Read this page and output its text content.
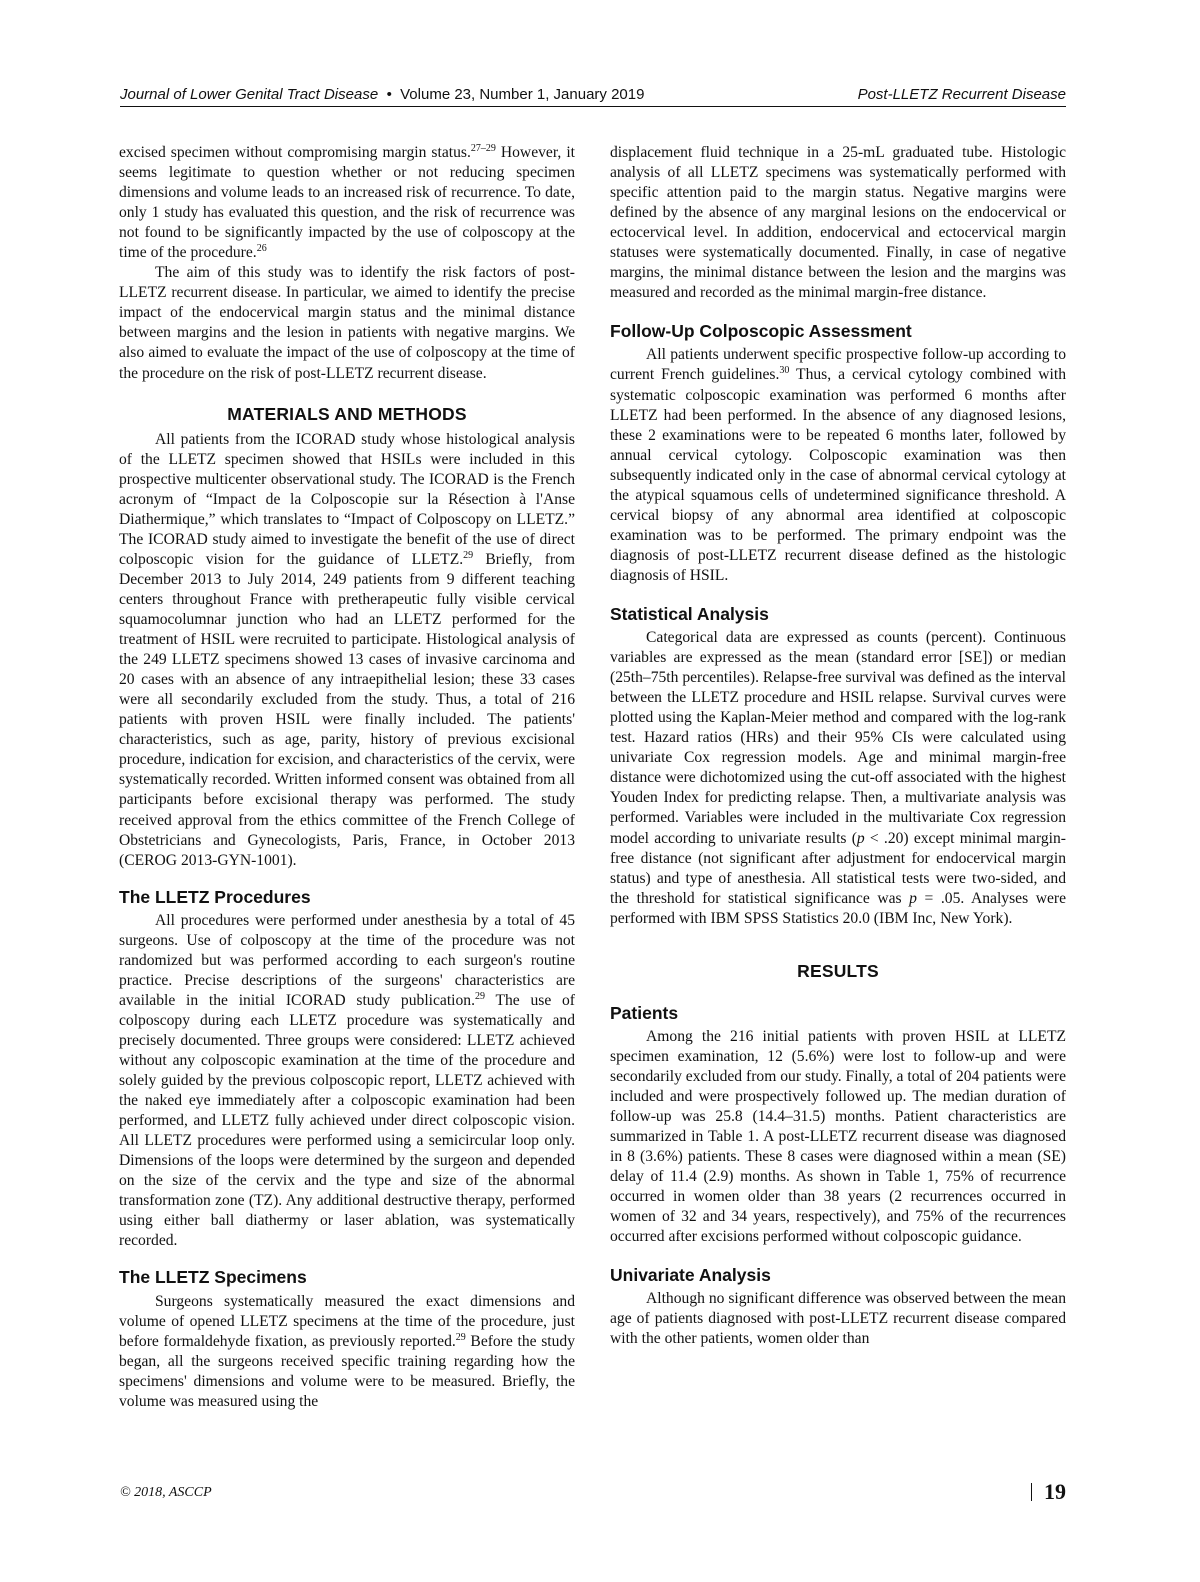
Journal of Lower Genital Tract Disease • Volume 23, Number 1, January 2019	Post-LLETZ Recurrent Disease

excised specimen without compromising margin status.$^{27-29}$ However, it seems legitimate to question whether or not reducing specimen dimensions and volume leads to an increased risk of recurrence. To date, only 1 study has evaluated this question, and the risk of recurrence was not found to be significantly impacted by the use of colposcopy at the time of the procedure.$^{26}$

The aim of this study was to identify the risk factors of post-LLETZ recurrent disease. In particular, we aimed to identify the precise impact of the endocervical margin status and the minimal distance between margins and the lesion in patients with negative margins. We also aimed to evaluate the impact of the use of colposcopy at the time of the procedure on the risk of post-LLETZ recurrent disease.

MATERIALS AND METHODS

All patients from the ICORAD study whose histological analysis of the LLETZ specimen showed that HSILs were included in this prospective multicenter observational study. The ICORAD is the French acronym of “Impact de la Colposcopie sur la Résection à l'Anse Diathermique,” which translates to “Impact of Colposcopy on LLETZ.” The ICORAD study aimed to investigate the benefit of the use of direct colposcopic vision for the guidance of LLETZ.$^{29}$ Briefly, from December 2013 to July 2014, 249 patients from 9 different teaching centers throughout France with pretherapeutic fully visible cervical squamocolumnar junction who had an LLETZ performed for the treatment of HSIL were recruited to participate. Histological analysis of the 249 LLETZ specimens showed 13 cases of invasive carcinoma and 20 cases with an absence of any intraepithelial lesion; these 33 cases were all secondarily excluded from the study. Thus, a total of 216 patients with proven HSIL were finally included. The patients' characteristics, such as age, parity, history of previous excisional procedure, indication for excision, and characteristics of the cervix, were systematically recorded. Written informed consent was obtained from all participants before excisional therapy was performed. The study received approval from the ethics committee of the French College of Obstetricians and Gynecologists, Paris, France, in October 2013 (CEROG 2013-GYN-1001).

The LLETZ Procedures

All procedures were performed under anesthesia by a total of 45 surgeons. Use of colposcopy at the time of the procedure was not randomized but was performed according to each surgeon's routine practice. Precise descriptions of the surgeons' characteristics are available in the initial ICORAD study publication.$^{29}$ The use of colposcopy during each LLETZ procedure was systematically and precisely documented. Three groups were considered: LLETZ achieved without any colposcopic examination at the time of the procedure and solely guided by the previous colposcopic report, LLETZ achieved with the naked eye immediately after a colposcopic examination had been performed, and LLETZ fully achieved under direct colposcopic vision. All LLETZ procedures were performed using a semicircular loop only. Dimensions of the loops were determined by the surgeon and depended on the size of the cervix and the type and size of the abnormal transformation zone (TZ). Any additional destructive therapy, performed using either ball diathermy or laser ablation, was systematically recorded.

The LLETZ Specimens

Surgeons systematically measured the exact dimensions and volume of opened LLETZ specimens at the time of the procedure, just before formaldehyde fixation, as previously reported.$^{29}$ Before the study began, all the surgeons received specific training regarding how the specimens' dimensions and volume were to be measured. Briefly, the volume was measured using the

displacement fluid technique in a 25-mL graduated tube. Histologic analysis of all LLETZ specimens was systematically performed with specific attention paid to the margin status. Negative margins were defined by the absence of any marginal lesions on the endocervical or ectocervical level. In addition, endocervical and ectocervical margin statuses were systematically documented. Finally, in case of negative margins, the minimal distance between the lesion and the margins was measured and recorded as the minimal margin-free distance.

Follow-Up Colposcopic Assessment

All patients underwent specific prospective follow-up according to current French guidelines.$^{30}$ Thus, a cervical cytology combined with systematic colposcopic examination was performed 6 months after LLETZ had been performed. In the absence of any diagnosed lesions, these 2 examinations were to be repeated 6 months later, followed by annual cervical cytology. Colposcopic examination was then subsequently indicated only in the case of abnormal cervical cytology at the atypical squamous cells of undetermined significance threshold. A cervical biopsy of any abnormal area identified at colposcopic examination was to be performed. The primary endpoint was the diagnosis of post-LLETZ recurrent disease defined as the histologic diagnosis of HSIL.

Statistical Analysis

Categorical data are expressed as counts (percent). Continuous variables are expressed as the mean (standard error [SE]) or median (25th–75th percentiles). Relapse-free survival was defined as the interval between the LLETZ procedure and HSIL relapse. Survival curves were plotted using the Kaplan-Meier method and compared with the log-rank test. Hazard ratios (HRs) and their 95% CIs were calculated using univariate Cox regression models. Age and minimal margin-free distance were dichotomized using the cut-off associated with the highest Youden Index for predicting relapse. Then, a multivariate analysis was performed. Variables were included in the multivariate Cox regression model according to univariate results (p < .20) except minimal margin-free distance (not significant after adjustment for endocervical margin status) and type of anesthesia. All statistical tests were two-sided, and the threshold for statistical significance was p = .05. Analyses were performed with IBM SPSS Statistics 20.0 (IBM Inc, New York).

RESULTS
Patients

Among the 216 initial patients with proven HSIL at LLETZ specimen examination, 12 (5.6%) were lost to follow-up and were secondarily excluded from our study. Finally, a total of 204 patients were included and were prospectively followed up. The median duration of follow-up was 25.8 (14.4–31.5) months. Patient characteristics are summarized in Table 1. A post-LLETZ recurrent disease was diagnosed in 8 (3.6%) patients. These 8 cases were diagnosed within a mean (SE) delay of 11.4 (2.9) months. As shown in Table 1, 75% of recurrence occurred in women older than 38 years (2 recurrences occurred in women of 32 and 34 years, respectively), and 75% of the recurrences occurred after excisions performed without colposcopic guidance.

Univariate Analysis

Although no significant difference was observed between the mean age of patients diagnosed with post-LLETZ recurrent disease compared with the other patients, women older than

© 2018, ASCCP	19
